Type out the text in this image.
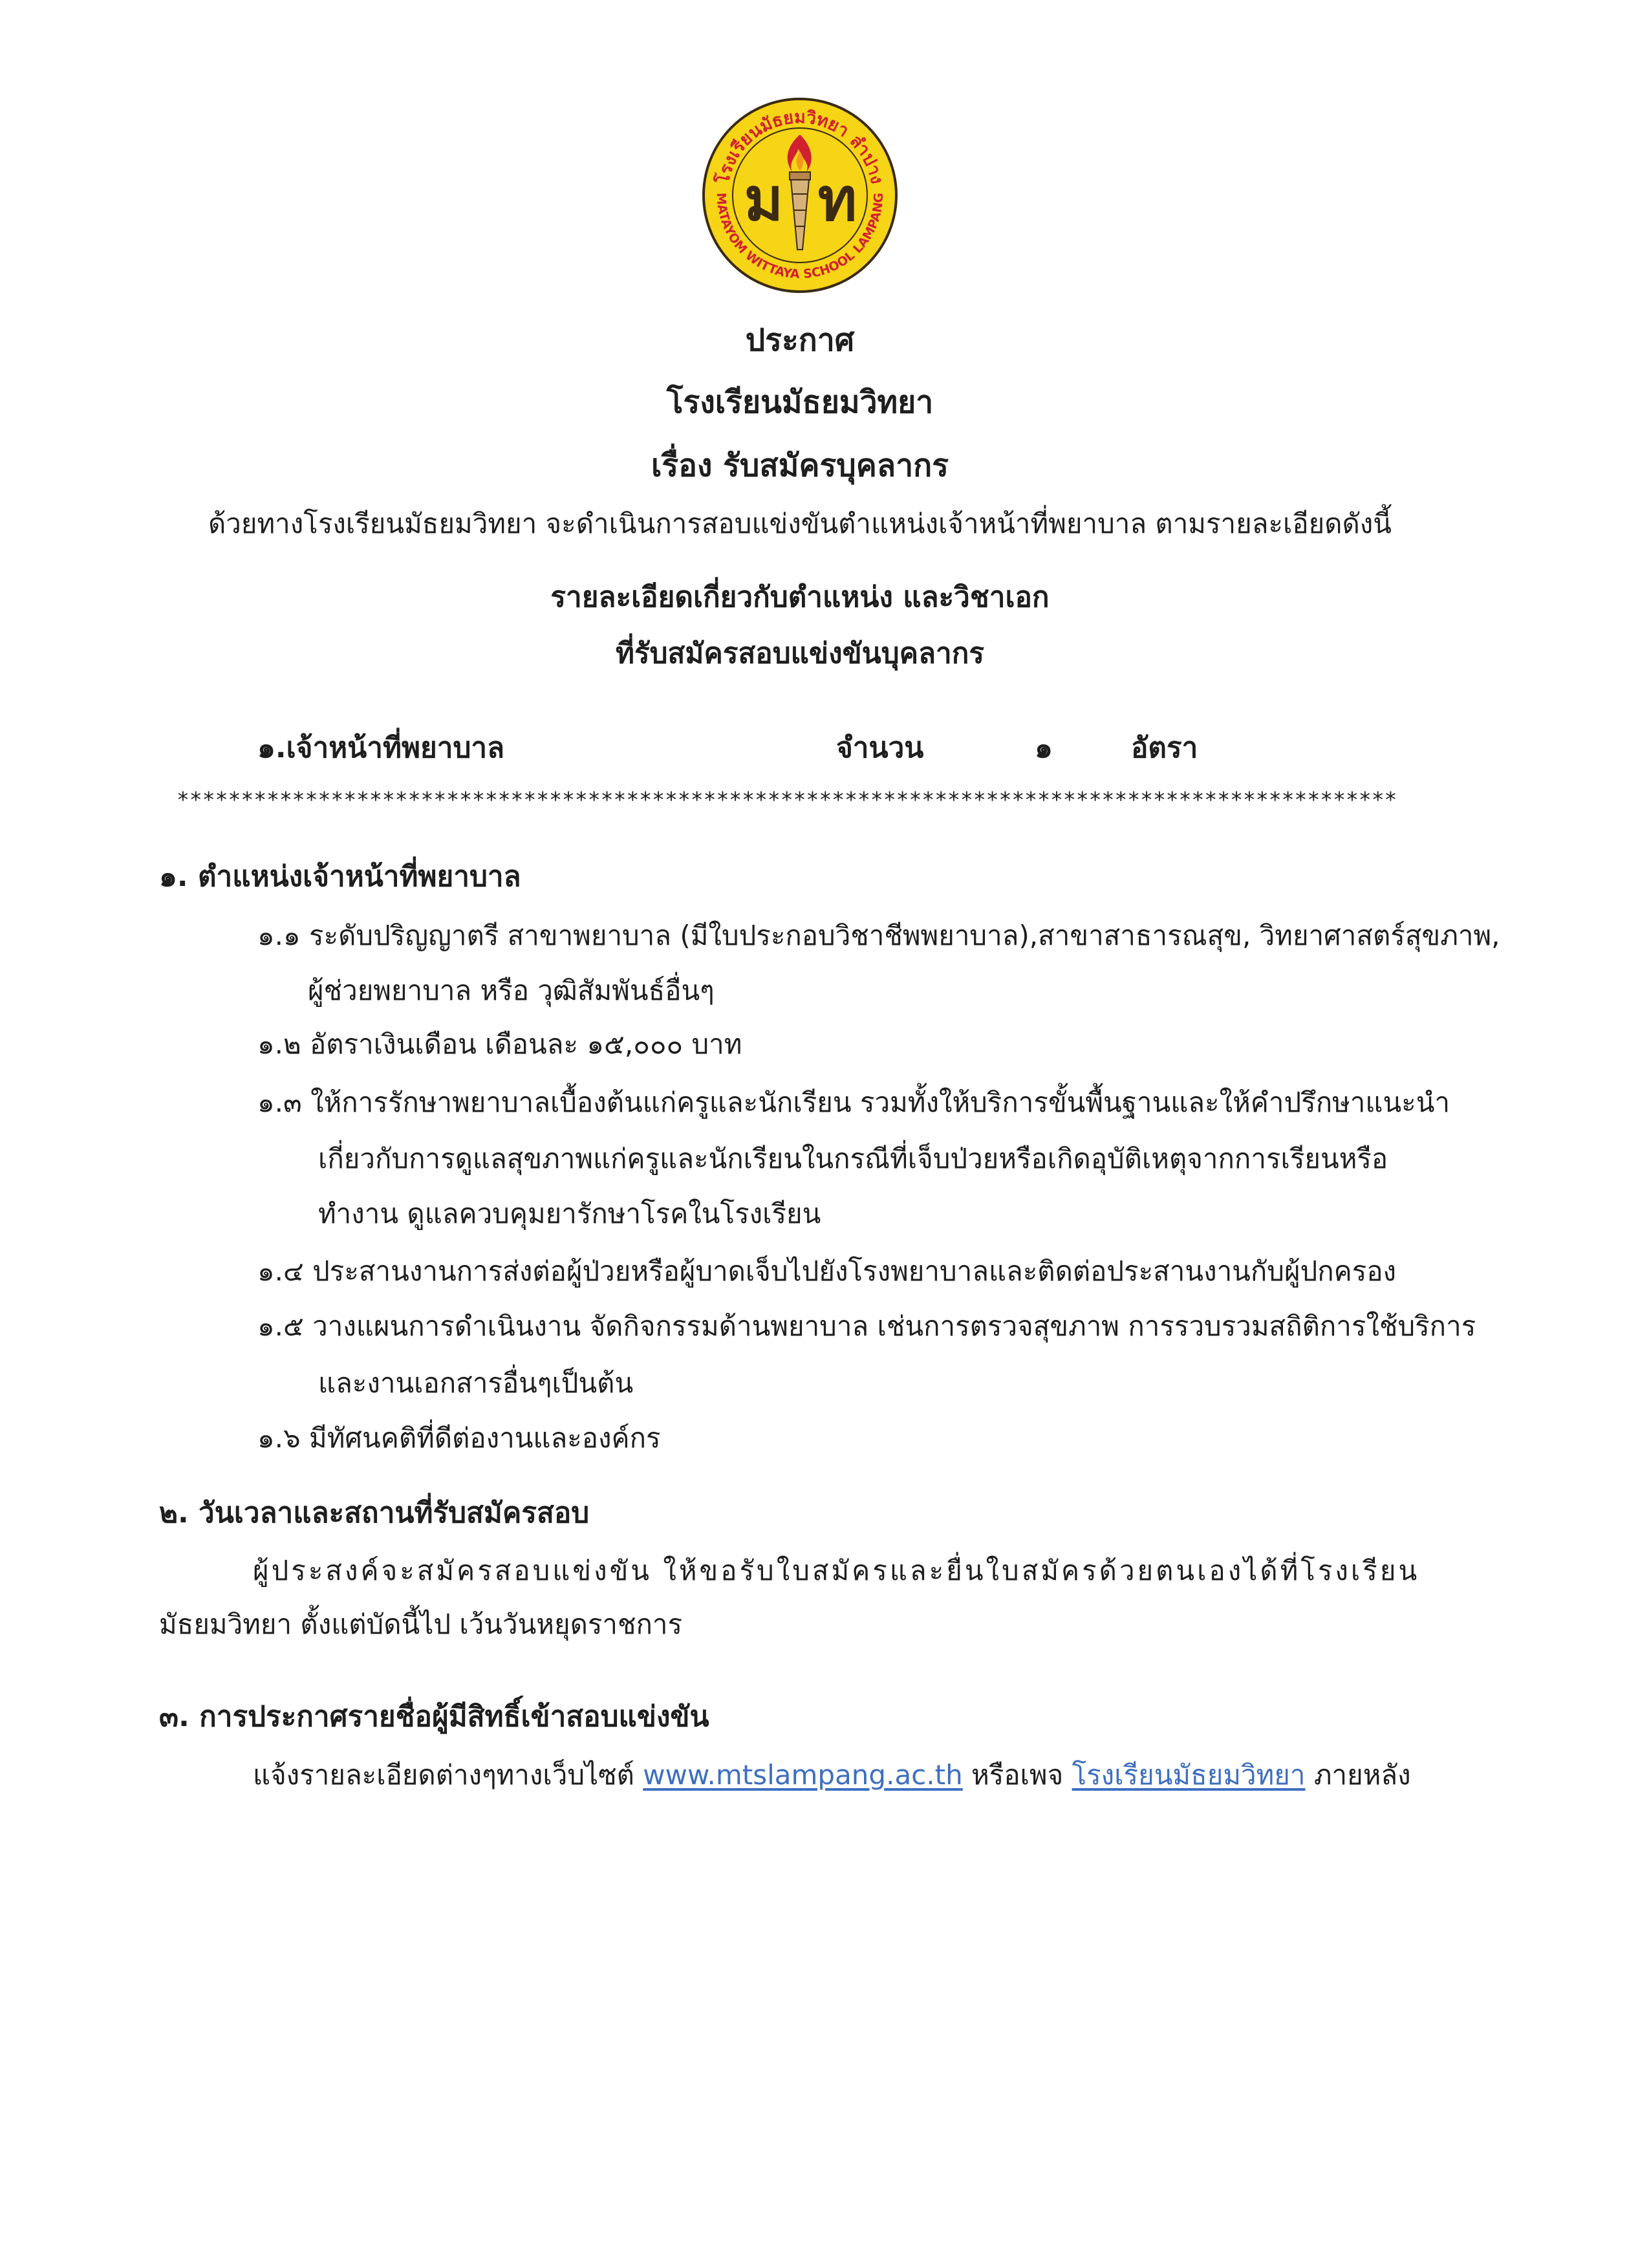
โรงเรียนมัธยมวิทยา ลำปาง
MATAYOM WITTAYA SCHOOL LAMPANG
ม ท
ประกาศ
โรงเรียนมัธยมวิทยา
เรื่อง รับสมัครบุคลากร
ด้วยทางโรงเรียนมัธยมวิทยา จะดำเนินการสอบแข่งขันตำแหน่งเจ้าหน้าที่พยาบาล ตามรายละเอียดดังนี้
รายละเอียดเกี่ยวกับตำแหน่ง และวิชาเอก
ที่รับสมัครสอบแข่งขันบุคลากร
๑.เจ้าหน้าที่พยาบาล	จำนวน	๑	อัตรา
***********************************************************************************************
๑. ตำแหน่งเจ้าหน้าที่พยาบาล
๑.๑ ระดับปริญญาตรี สาขาพยาบาล (มีใบประกอบวิชาชีพพยาบาล),สาขาสาธารณสุข, วิทยาศาสตร์สุขภาพ,
ผู้ช่วยพยาบาล หรือ วุฒิสัมพันธ์อื่นๆ
๑.๒ อัตราเงินเดือน เดือนละ ๑๕,๐๐๐ บาท
๑.๓ ให้การรักษาพยาบาลเบื้องต้นแก่ครูและนักเรียน รวมทั้งให้บริการขั้นพื้นฐานและให้คำปรึกษาแนะนำ
เกี่ยวกับการดูแลสุขภาพแก่ครูและนักเรียนในกรณีที่เจ็บป่วยหรือเกิดอุบัติเหตุจากการเรียนหรือ
ทำงาน ดูแลควบคุมยารักษาโรคในโรงเรียน
๑.๔ ประสานงานการส่งต่อผู้ป่วยหรือผู้บาดเจ็บไปยังโรงพยาบาลและติดต่อประสานงานกับผู้ปกครอง
๑.๕ วางแผนการดำเนินงาน จัดกิจกรรมด้านพยาบาล เช่นการตรวจสุขภาพ การรวบรวมสถิติการใช้บริการ
และงานเอกสารอื่นๆเป็นต้น
๑.๖ มีทัศนคติที่ดีต่องานและองค์กร
๒. วันเวลาและสถานที่รับสมัครสอบ
ผู้ประสงค์จะสมัครสอบแข่งขัน ให้ขอรับใบสมัครและยื่นใบสมัครด้วยตนเองได้ที่โรงเรียน
มัธยมวิทยา ตั้งแต่บัดนี้ไป เว้นวันหยุดราชการ
๓. การประกาศรายชื่อผู้มีสิทธิ์เข้าสอบแข่งขัน
แจ้งรายละเอียดต่างๆทางเว็บไซต์ www.mtslampang.ac.th หรือเพจ โรงเรียนมัธยมวิทยา ภายหลัง
